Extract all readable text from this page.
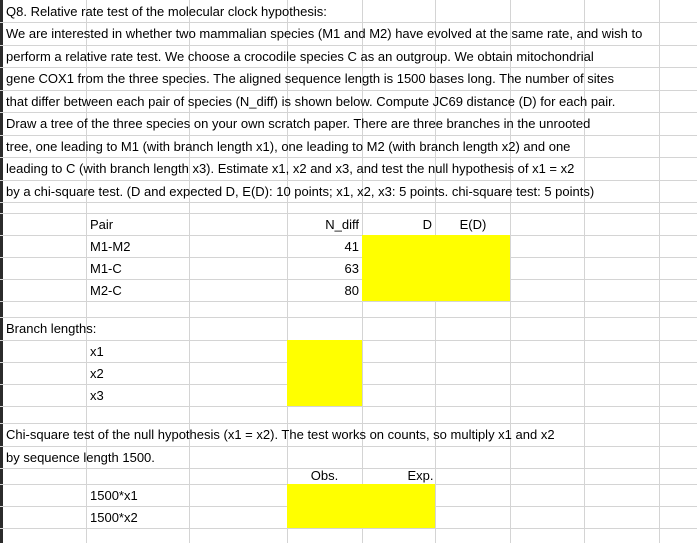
Q8. Relative rate test of the molecular clock hypothesis:
We are interested in whether two mammalian species (M1 and M2) have evolved at the same rate, and wish to
perform a relative rate test. We choose a crocodile species C as an outgroup. We obtain mitochondrial
gene COX1 from the three species. The aligned sequence length is 1500 bases long. The number of sites
that differ between each pair of species (N_diff) is shown below. Compute JC69 distance (D) for each pair.
Draw a tree of the three species on your own scratch paper. There are three branches in the unrooted
tree, one leading to M1 (with branch length x1), one leading to M2 (with branch length x2) and one
leading to C (with branch length x3). Estimate x1, x2 and x3, and test the null hypothesis of x1 = x2
by a chi-square test. (D and expected D, E(D): 10 points; x1, x2, x3: 5 points. chi-square test: 5 points)
Pair	N_diff	D	E(D)
M1-M2	41
M1-C	63
M2-C	80
Branch lengths:
x1
x2
x3
Chi-square test of the null hypothesis (x1 = x2). The test works on counts, so multiply x1 and x2
by sequence length 1500.
Obs.	Exp.
1500*x1
1500*x2
